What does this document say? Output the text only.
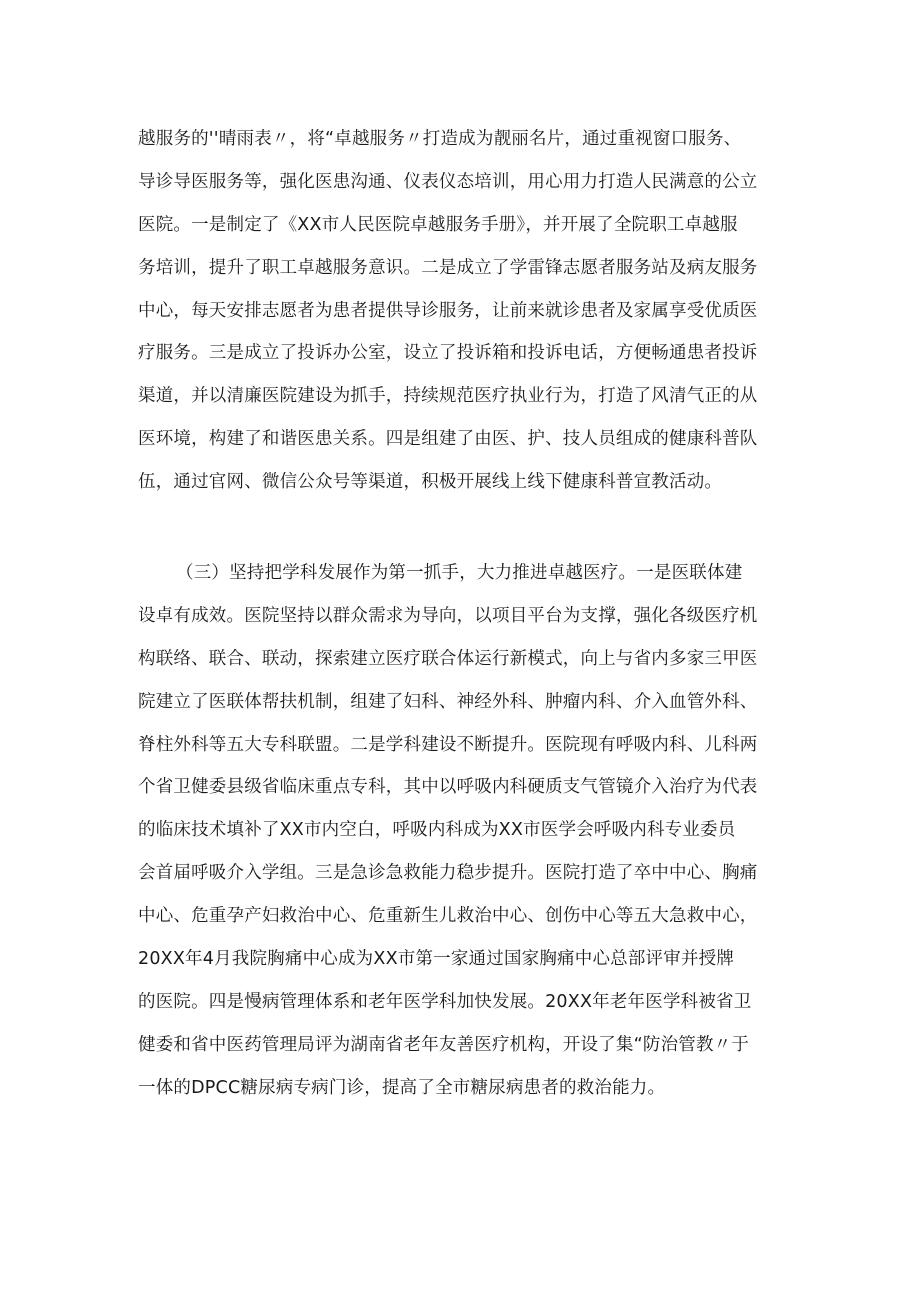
越服务的''晴雨表〃，将“卓越服务〃打造成为靓丽名片，通过重视窗口服务、
导诊导医服务等，强化医患沟通、仪表仪态培训，用心用力打造人民满意的公立
医院。一是制定了《XX市人民医院卓越服务手册》，并开展了全院职工卓越服
务培训，提升了职工卓越服务意识。二是成立了学雷锋志愿者服务站及病友服务
中心，每天安排志愿者为患者提供导诊服务，让前来就诊患者及家属享受优质医
疗服务。三是成立了投诉办公室，设立了投诉箱和投诉电话，方便畅通患者投诉
渠道，并以清廉医院建设为抓手，持续规范医疗执业行为，打造了风清气正的从
医环境，构建了和谐医患关系。四是组建了由医、护、技人员组成的健康科普队
伍，通过官网、微信公众号等渠道，积极开展线上线下健康科普宣教活动。
（三）坚持把学科发展作为第一抓手，大力推进卓越医疗。一是医联体建
设卓有成效。医院坚持以群众需求为导向，以项目平台为支撑，强化各级医疗机
构联络、联合、联动，探索建立医疗联合体运行新模式，向上与省内多家三甲医
院建立了医联体帮扶机制，组建了妇科、神经外科、肿瘤内科、介入血管外科、
脊柱外科等五大专科联盟。二是学科建设不断提升。医院现有呼吸内科、儿科两
个省卫健委县级省临床重点专科，其中以呼吸内科硬质支气管镜介入治疗为代表
的临床技术填补了XX市内空白，呼吸内科成为XX市医学会呼吸内科专业委员
会首届呼吸介入学组。三是急诊急救能力稳步提升。医院打造了卒中中心、胸痛
中心、危重孕产妇救治中心、危重新生儿救治中心、创伤中心等五大急救中心，
20XX年4月我院胸痛中心成为XX市第一家通过国家胸痛中心总部评审并授牌
的医院。四是慢病管理体系和老年医学科加快发展。20XX年老年医学科被省卫
健委和省中医药管理局评为湖南省老年友善医疗机构，开设了集“防治管教〃于
一体的DPCC糖尿病专病门诊，提高了全市糖尿病患者的救治能力。
